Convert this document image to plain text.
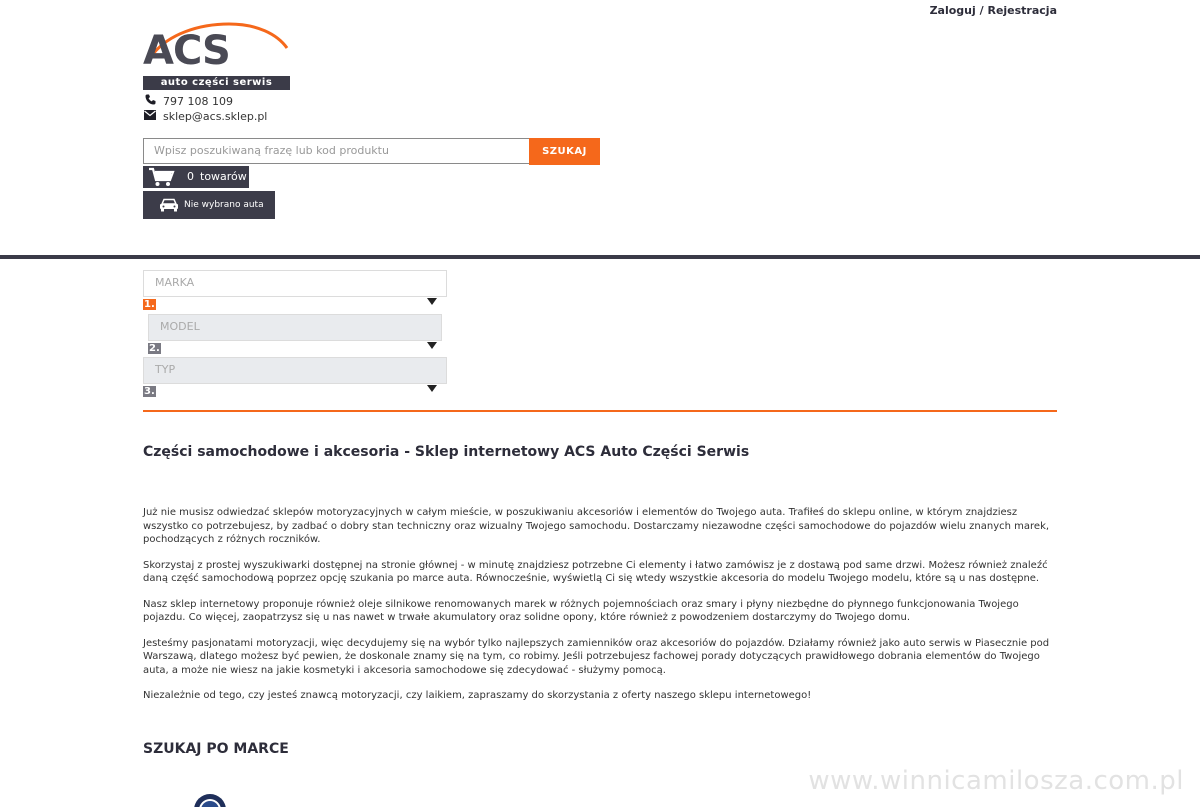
Zaloguj / Rejestracja
ACS
auto części serwis
797 108 109
sklep@acs.sklep.pl
Wpisz poszukiwaną frazę lub kod produktu	SZUKAJ
0 towarów
Nie wybrano auta
MARKA
1.
MODEL
2.
TYP
3.
Części samochodowe i akcesoria - Sklep internetowy ACS Auto Części Serwis

Już nie musisz odwiedzać sklepów motoryzacyjnych w całym mieście, w poszukiwaniu akcesoriów i elementów do Twojego auta. Trafiłeś do sklepu online, w którym znajdziesz wszystko co potrzebujesz, by zadbać o dobry stan techniczny oraz wizualny Twojego samochodu. Dostarczamy niezawodne części samochodowe do pojazdów wielu znanych marek, pochodzących z różnych roczników.

Skorzystaj z prostej wyszukiwarki dostępnej na stronie głównej - w minutę znajdziesz potrzebne Ci elementy i łatwo zamówisz je z dostawą pod same drzwi. Możesz również znaleźć daną część samochodową poprzez opcję szukania po marce auta. Równocześnie, wyświetlą Ci się wtedy wszystkie akcesoria do modelu Twojego modelu, które są u nas dostępne.

Nasz sklep internetowy proponuje również oleje silnikowe renomowanych marek w różnych pojemnościach oraz smary i płyny niezbędne do płynnego funkcjonowania Twojego pojazdu. Co więcej, zaopatrzysz się u nas nawet w trwałe akumulatory oraz solidne opony, które również z powodzeniem dostarczymy do Twojego domu.

Jesteśmy pasjonatami motoryzacji, więc decydujemy się na wybór tylko najlepszych zamienników oraz akcesoriów do pojazdów. Działamy również jako auto serwis w Piasecznie pod Warszawą, dlatego możesz być pewien, że doskonale znamy się na tym, co robimy. Jeśli potrzebujesz fachowej porady dotyczących prawidłowego dobrania elementów do Twojego auta, a może nie wiesz na jakie kosmetyki i akcesoria samochodowe się zdecydować - służymy pomocą.

Niezależnie od tego, czy jesteś znawcą motoryzacji, czy laikiem, zapraszamy do skorzystania z oferty naszego sklepu internetowego!

SZUKAJ PO MARCE
www.winnicamilosza.com.pl
